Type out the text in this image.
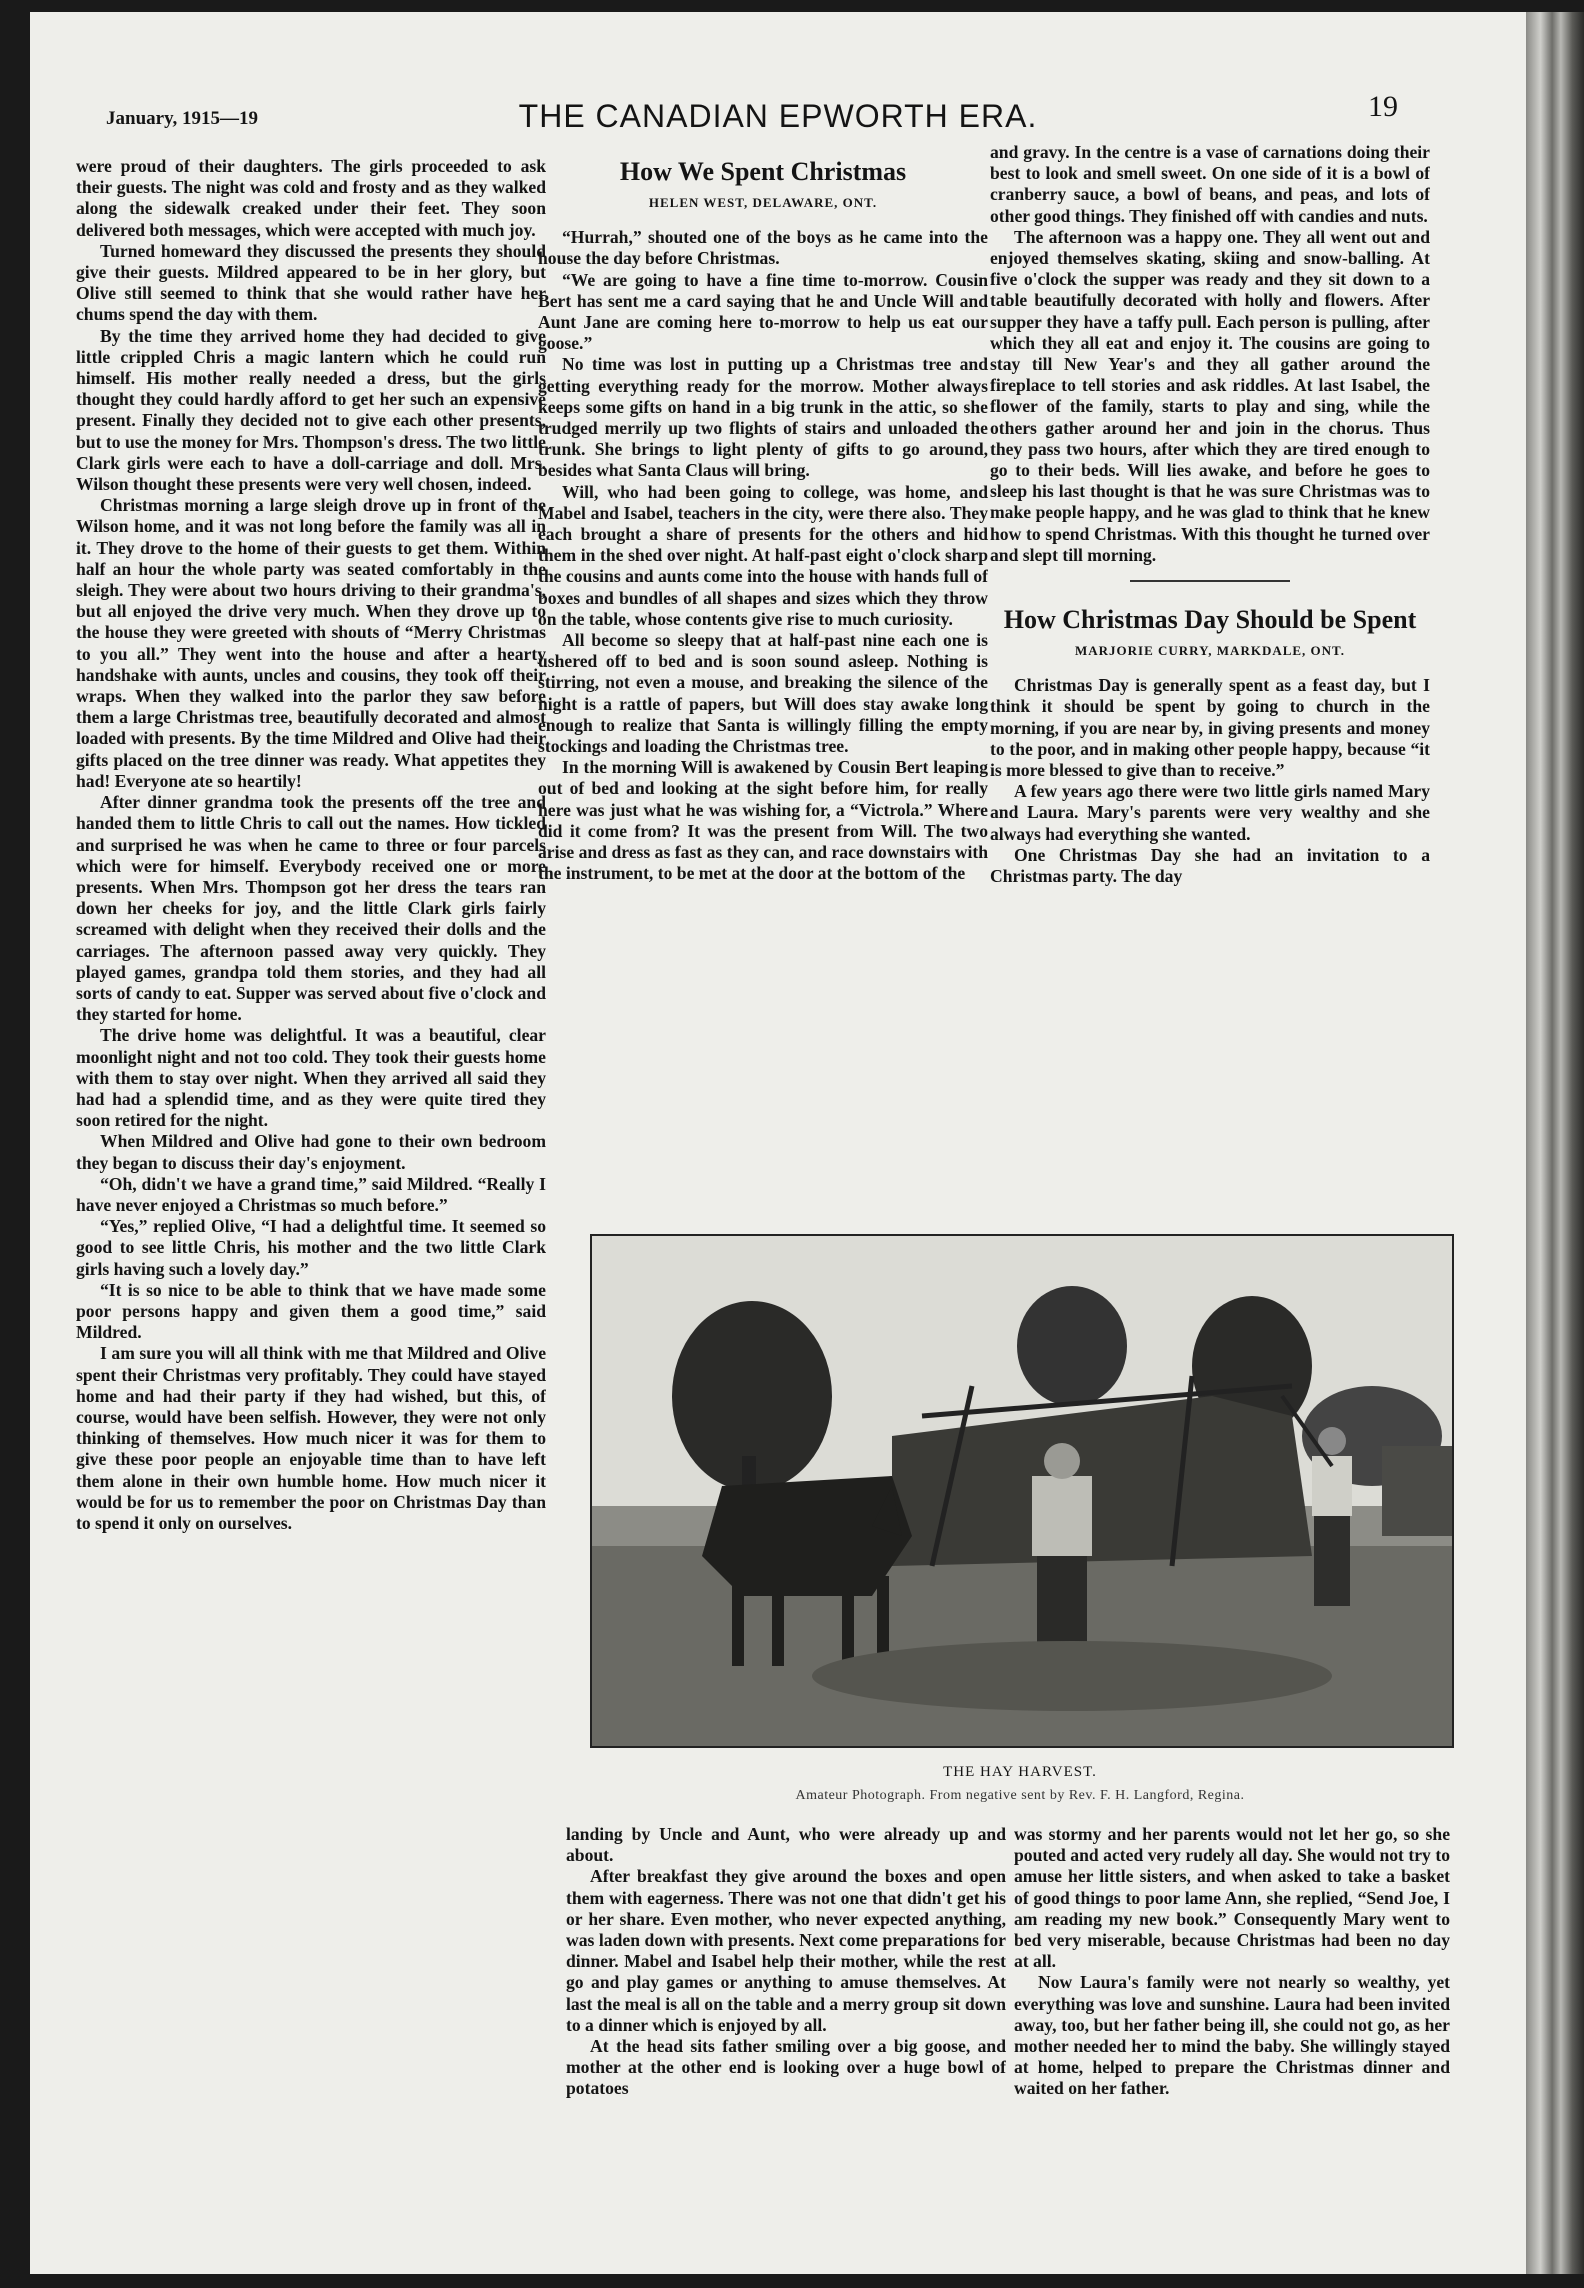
January, 1915—19	THE CANADIAN EPWORTH ERA.	19

were proud of their daughters. The girls proceeded to ask their guests. The night was cold and frosty and as they walked along the sidewalk creaked under their feet. They soon delivered both messages, which were accepted with much joy.

Turned homeward they discussed the presents they should give their guests. Mildred appeared to be in her glory, but Olive still seemed to think that she would rather have her chums spend the day with them.

By the time they arrived home they had decided to give little crippled Chris a magic lantern which he could run himself. His mother really needed a dress, but the girls thought they could hardly afford to get her such an expensive present. Finally they decided not to give each other presents, but to use the money for Mrs. Thompson's dress. The two little Clark girls were each to have a doll-carriage and doll. Mrs. Wilson thought these presents were very well chosen, indeed.

Christmas morning a large sleigh drove up in front of the Wilson home, and it was not long before the family was all in it. They drove to the home of their guests to get them. Within half an hour the whole party was seated comfortably in the sleigh. They were about two hours driving to their grandma's, but all enjoyed the drive very much. When they drove up to the house they were greeted with shouts of “Merry Christmas to you all.” They went into the house and after a hearty handshake with aunts, uncles and cousins, they took off their wraps. When they walked into the parlor they saw before them a large Christmas tree, beautifully decorated and almost loaded with presents. By the time Mildred and Olive had their gifts placed on the tree dinner was ready. What appetites they had! Everyone ate so heartily!

After dinner grandma took the presents off the tree and handed them to little Chris to call out the names. How tickled and surprised he was when he came to three or four parcels which were for himself. Everybody received one or more presents. When Mrs. Thompson got her dress the tears ran down her cheeks for joy, and the little Clark girls fairly screamed with delight when they received their dolls and the carriages. The afternoon passed away very quickly. They played games, grandpa told them stories, and they had all sorts of candy to eat. Supper was served about five o'clock and they started for home.

The drive home was delightful. It was a beautiful, clear moonlight night and not too cold. They took their guests home with them to stay over night. When they arrived all said they had had a splendid time, and as they were quite tired they soon retired for the night.

When Mildred and Olive had gone to their own bedroom they began to discuss their day's enjoyment.

“Oh, didn't we have a grand time,” said Mildred. “Really I have never enjoyed a Christmas so much before.”

“Yes,” replied Olive, “I had a delightful time. It seemed so good to see little Chris, his mother and the two little Clark girls having such a lovely day.”

“It is so nice to be able to think that we have made some poor persons happy and given them a good time,” said Mildred.

I am sure you will all think with me that Mildred and Olive spent their Christmas very profitably. They could have stayed home and had their party if they had wished, but this, of course, would have been selfish. However, they were not only thinking of themselves. How much nicer it was for them to give these poor people an enjoyable time than to have left them alone in their own humble home. How much nicer it would be for us to remember the poor on Christmas Day than to spend it only on ourselves.

How We Spent Christmas
HELEN WEST, DELAWARE, ONT.

“Hurrah,” shouted one of the boys as he came into the house the day before Christmas.

“We are going to have a fine time to-morrow. Cousin Bert has sent me a card saying that he and Uncle Will and Aunt Jane are coming here to-morrow to help us eat our goose.”

No time was lost in putting up a Christmas tree and getting everything ready for the morrow. Mother always keeps some gifts on hand in a big trunk in the attic, so she trudged merrily up two flights of stairs and unloaded the trunk. She brings to light plenty of gifts to go around, besides what Santa Claus will bring.

Will, who had been going to college, was home, and Mabel and Isabel, teachers in the city, were there also. They each brought a share of presents for the others and hid them in the shed over night. At half-past eight o'clock sharp the cousins and aunts come into the house with hands full of boxes and bundles of all shapes and sizes which they throw on the table, whose contents give rise to much curiosity.

All become so sleepy that at half-past nine each one is ushered off to bed and is soon sound asleep. Nothing is stirring, not even a mouse, and breaking the silence of the night is a rattle of papers, but Will does stay awake long enough to realize that Santa is willingly filling the empty stockings and loading the Christmas tree.

In the morning Will is awakened by Cousin Bert leaping out of bed and looking at the sight before him, for really here was just what he was wishing for, a “Victrola.” Where did it come from? It was the present from Will. The two arise and dress as fast as they can, and race downstairs with the instrument, to be met at the door at the bottom of the

and gravy. In the centre is a vase of carnations doing their best to look and smell sweet. On one side of it is a bowl of cranberry sauce, a bowl of beans, and peas, and lots of other good things. They finished off with candies and nuts.

The afternoon was a happy one. They all went out and enjoyed themselves skating, skiing and snow-balling. At five o'clock the supper was ready and they sit down to a table beautifully decorated with holly and flowers. After supper they have a taffy pull. Each person is pulling, after which they all eat and enjoy it. The cousins are going to stay till New Year's and they all gather around the fireplace to tell stories and ask riddles. At last Isabel, the flower of the family, starts to play and sing, while the others gather around her and join in the chorus. Thus they pass two hours, after which they are tired enough to go to their beds. Will lies awake, and before he goes to sleep his last thought is that he was sure Christmas was to make people happy, and he was glad to think that he knew how to spend Christmas. With this thought he turned over and slept till morning.

How Christmas Day Should be Spent
MARJORIE CURRY, MARKDALE, ONT.

Christmas Day is generally spent as a feast day, but I think it should be spent by going to church in the morning, if you are near by, in giving presents and money to the poor, and in making other people happy, because “it is more blessed to give than to receive.”

A few years ago there were two little girls named Mary and Laura. Mary's parents were very wealthy and she always had everything she wanted.

One Christmas Day she had an invitation to a Christmas party. The day

THE HAY HARVEST.
Amateur Photograph. From negative sent by Rev. F. H. Langford, Regina.

landing by Uncle and Aunt, who were already up and about.

After breakfast they give around the boxes and open them with eagerness. There was not one that didn't get his or her share. Even mother, who never expected anything, was laden down with presents. Next come preparations for dinner. Mabel and Isabel help their mother, while the rest go and play games or anything to amuse themselves. At last the meal is all on the table and a merry group sit down to a dinner which is enjoyed by all.

At the head sits father smiling over a big goose, and mother at the other end is looking over a huge bowl of potatoes

was stormy and her parents would not let her go, so she pouted and acted very rudely all day. She would not try to amuse her little sisters, and when asked to take a basket of good things to poor lame Ann, she replied, “Send Joe, I am reading my new book.” Consequently Mary went to bed very miserable, because Christmas had been no day at all.

Now Laura's family were not nearly so wealthy, yet everything was love and sunshine. Laura had been invited away, too, but her father being ill, she could not go, as her mother needed her to mind the baby. She willingly stayed at home, helped to prepare the Christmas dinner and waited on her father.
